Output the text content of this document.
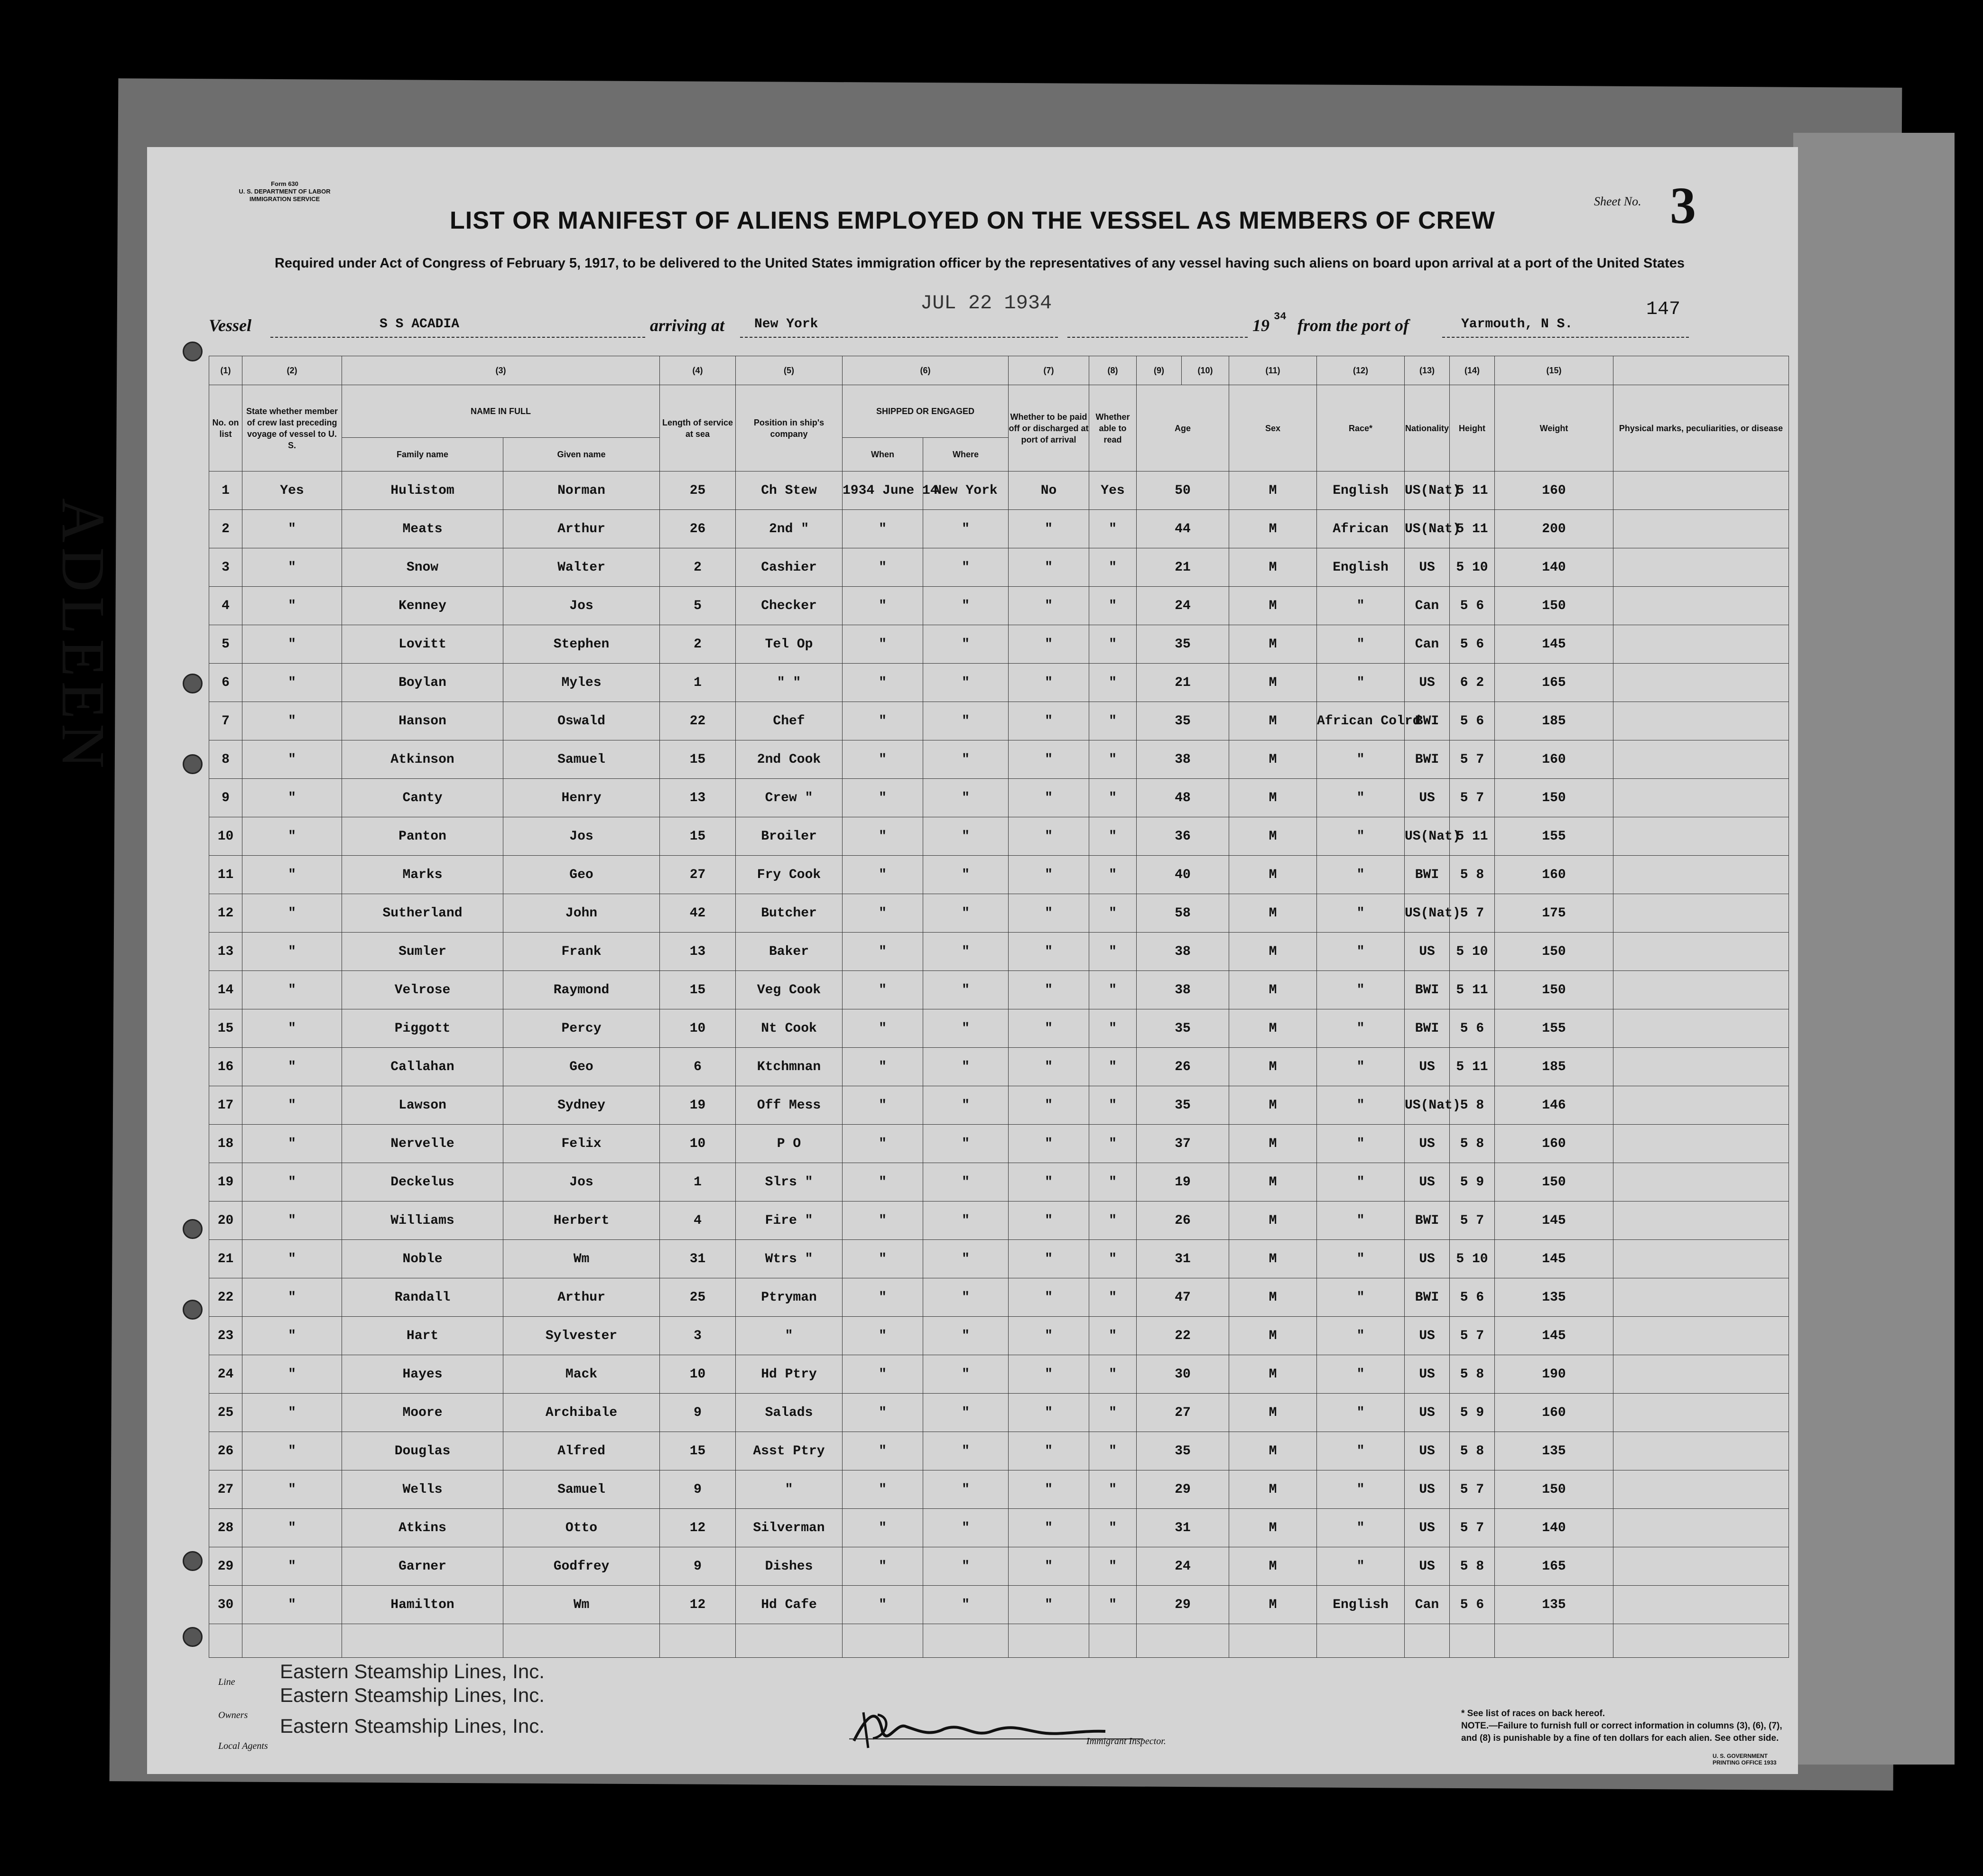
ADLEEN
Form 630
U. S. DEPARTMENT OF LABOR
IMMIGRATION SERVICE	Sheet No. 3
LIST OR MANIFEST OF ALIENS EMPLOYED ON THE VESSEL AS MEMBERS OF CREW
Required under Act of Congress of February 5, 1917, to be delivered to the United States immigration officer by the representatives of any vessel having such aliens on board upon arrival at a port of the United States
JUL 22 1934	147
Vessel	S S ACADIA	arriving at New York	19 34 from the port of	Yarmouth, N S.
(1)	(2)	(3)		(4)	(5)	(6)		(7)	(8)	(9)	(10)	(11)	(12)	(13)	(14)	(15)		
No. on list	State whether member of crew last preceding voyage of vessel to U. S.	NAME IN FULL		Length of service at sea	Position in ship's company	SHIPPED OR ENGAGED		Whether to be paid off or discharged at port of arrival	Whether able to read	Age		Sex	Race*	Nationality	Height	Weight	Physical marks, peculiarities, or disease	
		Family name	Given name			When	Where											
1	Yes	Hulistom	Norman	25	Ch Stew	1934 June 14	New York	No	Yes	50		M	English	US(Nat)	5 11	160		
2	"	Meats	Arthur	26	2nd "	"	"	"	"	44		M	African	US(Nat)	5 11	200		
3	"	Snow	Walter	2	Cashier	"	"	"	"	21		M	English	US	5 10	140		
4	"	Kenney	Jos	5	Checker	"	"	"	"	24		M	"	Can	5 6	150		
5	"	Lovitt	Stephen	2	Tel Op	"	"	"	"	35		M	"	Can	5 6	145		
6	"	Boylan	Myles	1	" "	"	"	"	"	21		M	"	US	6 2	165		
7	"	Hanson	Oswald	22	Chef	"	"	"	"	35		M	African Colrd	BWI	5 6	185		
8	"	Atkinson	Samuel	15	2nd Cook	"	"	"	"	38		M	"	BWI	5 7	160		
9	"	Canty	Henry	13	Crew "	"	"	"	"	48		M	"	US	5 7	150		
10	"	Panton	Jos	15	Broiler	"	"	"	"	36		M	"	US(Nat)	5 11	155		
11	"	Marks	Geo	27	Fry Cook	"	"	"	"	40		M	"	BWI	5 8	160		
12	"	Sutherland	John	42	Butcher	"	"	"	"	58		M	"	US(Nat)	5 7	175		
13	"	Sumler	Frank	13	Baker	"	"	"	"	38		M	"	US	5 10	150		
14	"	Velrose	Raymond	15	Veg Cook	"	"	"	"	38		M	"	BWI	5 11	150		
15	"	Piggott	Percy	10	Nt Cook	"	"	"	"	35		M	"	BWI	5 6	155		
16	"	Callahan	Geo	6	Ktchmnan	"	"	"	"	26		M	"	US	5 11	185		
17	"	Lawson	Sydney	19	Off Mess	"	"	"	"	35		M	"	US(Nat)	5 8	146		
18	"	Nervelle	Felix	10	P O	"	"	"	"	37		M	"	US	5 8	160		
19	"	Deckelus	Jos	1	Slrs "	"	"	"	"	19		M	"	US	5 9	150		
20	"	Williams	Herbert	4	Fire "	"	"	"	"	26		M	"	BWI	5 7	145		
21	"	Noble	Wm	31	Wtrs "	"	"	"	"	31		M	"	US	5 10	145		
22	"	Randall	Arthur	25	Ptryman	"	"	"	"	47		M	"	BWI	5 6	135		
23	"	Hart	Sylvester	3	"	"	"	"	"	22		M	"	US	5 7	145		
24	"	Hayes	Mack	10	Hd Ptry	"	"	"	"	30		M	"	US	5 8	190		
25	"	Moore	Archibale	9	Salads	"	"	"	"	27		M	"	US	5 9	160		
26	"	Douglas	Alfred	15	Asst Ptry	"	"	"	"	35		M	"	US	5 8	135		
27	"	Wells	Samuel	9	"	"	"	"	"	29		M	"	US	5 7	150		
28	"	Atkins	Otto	12	Silverman	"	"	"	"	31		M	"	US	5 7	140		
29	"	Garner	Godfrey	9	Dishes	"	"	"	"	24		M	"	US	5 8	165		
30	"	Hamilton	Wm	12	Hd Cafe	"	"	"	"	29		M	English	Can	5 6	135		

Line Eastern Steamship Lines, Inc.
Owners
Eastern Steamship Lines, Inc.
Local Agents
Eastern Steamship Lines, Inc.
Immigrant Inspector.
* See list of races on back hereof.
NOTE.—Failure to furnish full or correct information in columns (3), (6), (7), and (8) is punishable by a fine of ten dollars for each alien. See other side.
U. S. GOVERNMENT PRINTING OFFICE 1933
